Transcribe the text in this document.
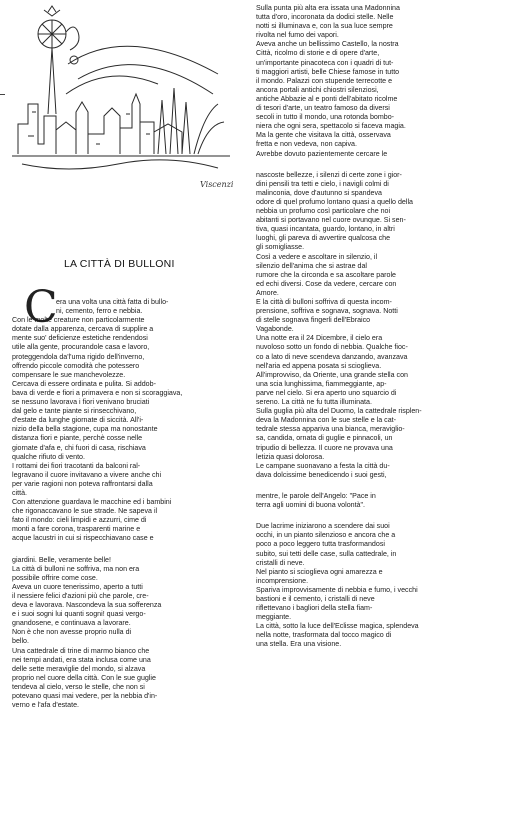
Viscenzi
LA CITTÀ DI BULLONI
C

era una volta una città fatta di bullo-

ni, cemento, ferro e nebbia.

Con le molte creature non particolarmente

dotate dalla apparenza, cercava di supplire a

mente suo' deficienze estetiche rendendosi

utile alla gente, procurandole casa e lavoro,

proteggendola da'l'uma rigido dell'inverno,

offrendo piccole comodità che potessero

compensare le sue manchevolezze.

Cercava di essere ordinata e pulita. Si addob-

bava di verde e fiori a primavera e non si scoraggiava,

se nessuno lavorava i fiori venivano bruciati

dal gelo e tante piante si rinsecchivano,

d'estate da lunghe giornate di siccità. All'i-

nizio della bella stagione, cupa ma nonostante

distanza fiori e piante, perchè cosse nelle

giornate d'afa e, chi fuori di casa, rischiava

qualche rifiuto di vento.

I rottami dei fiori tracotanti da balconi ral-

legravano il cuore invitavano a vivere anche chi

per varie ragioni non poteva raffrontarsi dalla

città.

Con attenzione guardava le macchine ed i bambini

che rigonaccavano le sue strade. Ne sapeva il

fato il mondo: cieli limpidi e azzurri, cime di

monti a fare corona, trasparenti marine e

acque lacustri in cui si rispecchiavano case e

giardini. Belle, veramente belle!

La città di bulloni ne soffriva, ma non era

possibile offrire come cose.

Aveva un cuore tenerissimo, aperto a tutti

il nessiere felici d'azioni più che parole, cre-

deva e lavorava. Nascondeva la sua sofferenza

e i suoi sogni lui quanti sogni! quasi vergo-

gnandosene, e continuava a lavorare.

Non è che non avesse proprio nulla di

bello.

Una cattedrale di trine di marmo bianco che

nei tempi andati, era stata inclusa come una

delle sette meraviglie del mondo, si alzava

proprio nel cuore della città. Con le sue guglie

tendeva al cielo, verso le stelle, che non si

potevano quasi mai vedere, per la nebbia d'in-

verno e l'afa d'estate.

Sulla punta più alta era issata una Madonnina

tutta d'oro, incoronata da dodici stelle. Nelle

notti si illuminava e, con la sua luce sempre

rivolta nel fumo dei vapori.

Aveva anche un bellissimo Castello, la nostra

Città, ricolmo di storie e di opere d'arte,

un'importante pinacoteca con i quadri di tut-

ti maggiori artisti, belle Chiese famose in tutto

il mondo. Palazzi con stupende terrecotte e

ancora portali antichi chiostri silenziosi,

antiche Abbazie al e ponti dell'abitato ricolme

di tesori d'arte, un teatro famoso da diversi

secoli in tutto il mondo, una rotonda bombo-

niera che ogni sera, spettacolo si faceva magia.

Ma la gente che visitava la città, osservava

fretta e non vedeva, non capiva.

Avrebbe dovuto pazientemente cercare le

nascoste bellezze, i silenzi di certe zone i gior-

dini pensili tra tetti e cielo, i navigli colmi di

malinconia, dove d'autunno si spandeva

odore di quel profumo lontano quasi a quello della

nebbia un profumo così particolare che noi

abitanti si portavano nel cuore ovunque. Si sen-

tiva, quasi incantata, guardo, lontano, in altri

luoghi, gli pareva di avvertire qualcosa che

gli somigliasse.

Così a vedere e ascoltare in silenzio, il

silenzio dell'anima che si astrae dal

rumore che la circonda e sa ascoltare parole

ed echi diversi. Cose da vedere, cercare con

Amore.

E la città di bulloni soffriva di questa incom-

prensione, soffriva e sognava, sognava. Notti

di stelle sognava fingerli dell'Ebraico

Vagabonde.

Una notte era il 24 Dicembre, il cielo era

nuvoloso sotto un fondo di nebbia. Qualche fioc-

co a lato di neve scendeva danzando, avanzava

nell'aria ed appena posata si scioglieva.

All'improvviso, da Oriente, una grande stella con

una scia lunghissima, fiammeggiante, ap-

parve nel cielo. Si era aperto uno squarcio di

sereno. La città ne fu tutta illuminata.

Sulla guglia più alta del Duomo, la cattedrale risplen-

deva la Madonnina con le sue stelle e la cat-

tedrale stessa appariva una bianca, meraviglio-

sa, candida, ornata di guglie e pinnacoli, un

tripudio di bellezza. Il cuore ne provava una

letizia quasi dolorosa.

Le campane suonavano a festa la città du-

dava dolcissime benedicendo i suoi gesti,

mentre, le parole dell'Angelo: "Pace in

terra agli uomini di buona volontà".

Due lacrime iniziarono a scendere dai suoi

occhi, in un pianto silenzioso e ancora che a

poco a poco leggero tutta trasformandosi

subito, sui tetti delle case, sulla cattedrale, in

cristalli di neve.

Nel pianto si scioglieva ogni amarezza e

incomprensione.

Spariva improvvisamente di nebbia e fumo, i vecchi

bastioni e il cemento, i cristalli di neve

riflettevano i bagliori della stella fiam-

meggiante.

La città, sotto la luce dell'Eclisse magica, splendeva

nella notte, trasformata dal tocco magico di

una stella. Era una visione.
